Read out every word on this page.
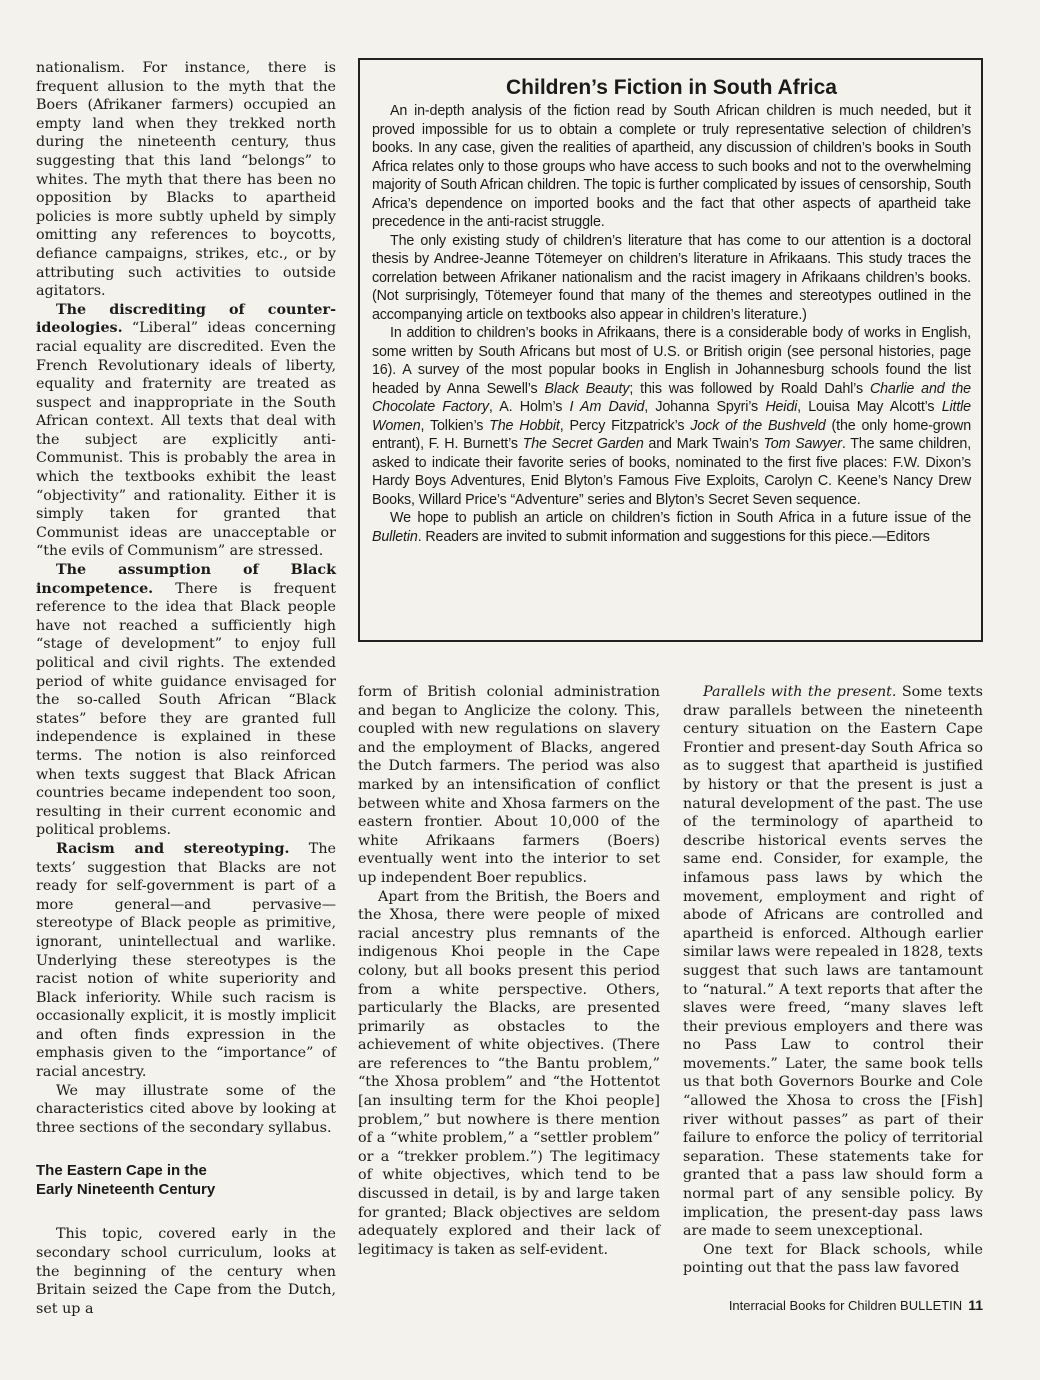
Children’s Fiction in South Africa

An in-depth analysis of the fiction read by South African children is much needed, but it proved impossible for us to obtain a complete or truly representative selection of children’s books. In any case, given the realities of apartheid, any discussion of children’s books in South Africa relates only to those groups who have access to such books and not to the overwhelming majority of South African children. The topic is further complicated by issues of censorship, South Africa’s dependence on imported books and the fact that other aspects of apartheid take precedence in the anti-racist struggle.

The only existing study of children’s literature that has come to our attention is a doctoral thesis by Andree-Jeanne Tötemeyer on children’s literature in Afrikaans. This study traces the correlation between Afrikaner nationalism and the racist imagery in Afrikaans children’s books. (Not surprisingly, Tötemeyer found that many of the themes and stereotypes outlined in the accompanying article on textbooks also appear in children’s literature.)

In addition to children’s books in Afrikaans, there is a considerable body of works in English, some written by South Africans but most of U.S. or British origin (see personal histories, page 16). A survey of the most popular books in English in Johannesburg schools found the list headed by Anna Sewell’s Black Beauty; this was followed by Roald Dahl’s Charlie and the Chocolate Factory, A. Holm’s I Am David, Johanna Spyri’s Heidi, Louisa May Alcott’s Little Women, Tolkien’s The Hobbit, Percy Fitzpatrick’s Jock of the Bushveld (the only home-grown entrant), F. H. Burnett’s The Secret Garden and Mark Twain’s Tom Sawyer. The same children, asked to indicate their favorite series of books, nominated to the first five places: F.W. Dixon’s Hardy Boys Adventures, Enid Blyton’s Famous Five Exploits, Carolyn C. Keene’s Nancy Drew Books, Willard Price’s “Adventure” series and Blyton’s Secret Seven sequence.

We hope to publish an article on children’s fiction in South Africa in a future issue of the Bulletin. Readers are invited to submit information and suggestions for this piece.—Editors

nationalism. For instance, there is frequent allusion to the myth that the Boers (Afrikaner farmers) occupied an empty land when they trekked north during the nineteenth century, thus suggesting that this land “belongs” to whites. The myth that there has been no opposition by Blacks to apartheid policies is more subtly upheld by simply omitting any references to boycotts, defiance campaigns, strikes, etc., or by attributing such activities to outside agitators.

The discrediting of counter-ideologies. “Liberal” ideas concerning racial equality are discredited. Even the French Revolutionary ideals of liberty, equality and fraternity are treated as suspect and inappropriate in the South African context. All texts that deal with the subject are explicitly anti-Communist. This is probably the area in which the textbooks exhibit the least “objectivity” and rationality. Either it is simply taken for granted that Communist ideas are unacceptable or “the evils of Communism” are stressed.

The assumption of Black incompetence. There is frequent reference to the idea that Black people have not reached a sufficiently high “stage of development” to enjoy full political and civil rights. The extended period of white guidance envisaged for the so-called South African “Black states” before they are granted full independence is explained in these terms. The notion is also reinforced when texts suggest that Black African countries became independent too soon, resulting in their current economic and political problems.

Racism and stereotyping. The texts’ suggestion that Blacks are not ready for self-government is part of a more general—and pervasive—stereotype of Black people as primitive, ignorant, unintellectual and warlike. Underlying these stereotypes is the racist notion of white superiority and Black inferiority. While such racism is occasionally explicit, it is mostly implicit and often finds expression in the emphasis given to the “importance” of racial ancestry.

We may illustrate some of the characteristics cited above by looking at three sections of the secondary syllabus.

The Eastern Cape in the
Early Nineteenth Century

This topic, covered early in the secondary school curriculum, looks at the beginning of the century when Britain seized the Cape from the Dutch, set up a

form of British colonial administration and began to Anglicize the colony. This, coupled with new regulations on slavery and the employment of Blacks, angered the Dutch farmers. The period was also marked by an intensification of conflict between white and Xhosa farmers on the eastern frontier. About 10,000 of the white Afrikaans farmers (Boers) eventually went into the interior to set up independent Boer republics.

Apart from the British, the Boers and the Xhosa, there were people of mixed racial ancestry plus remnants of the indigenous Khoi people in the Cape colony, but all books present this period from a white perspective. Others, particularly the Blacks, are presented primarily as obstacles to the achievement of white objectives. (There are references to “the Bantu problem,” “the Xhosa problem” and “the Hottentot [an insulting term for the Khoi people] problem,” but nowhere is there mention of a “white problem,” a “settler problem” or a “trekker problem.”) The legitimacy of white objectives, which tend to be discussed in detail, is by and large taken for granted; Black objectives are seldom adequately explored and their lack of legitimacy is taken as self-evident.

Parallels with the present. Some texts draw parallels between the nineteenth century situation on the Eastern Cape Frontier and present-day South Africa so as to suggest that apartheid is justified by history or that the present is just a natural development of the past. The use of the terminology of apartheid to describe historical events serves the same end. Consider, for example, the infamous pass laws by which the movement, employment and right of abode of Africans are controlled and apartheid is enforced. Although earlier similar laws were repealed in 1828, texts suggest that such laws are tantamount to “natural.” A text reports that after the slaves were freed, “many slaves left their previous employers and there was no Pass Law to control their movements.” Later, the same book tells us that both Governors Bourke and Cole “allowed the Xhosa to cross the [Fish] river without passes” as part of their failure to enforce the policy of territorial separation. These statements take for granted that a pass law should form a normal part of any sensible policy. By implication, the present-day pass laws are made to seem unexceptional.

One text for Black schools, while pointing out that the pass law favored

Interracial Books for Children BULLETIN 11
